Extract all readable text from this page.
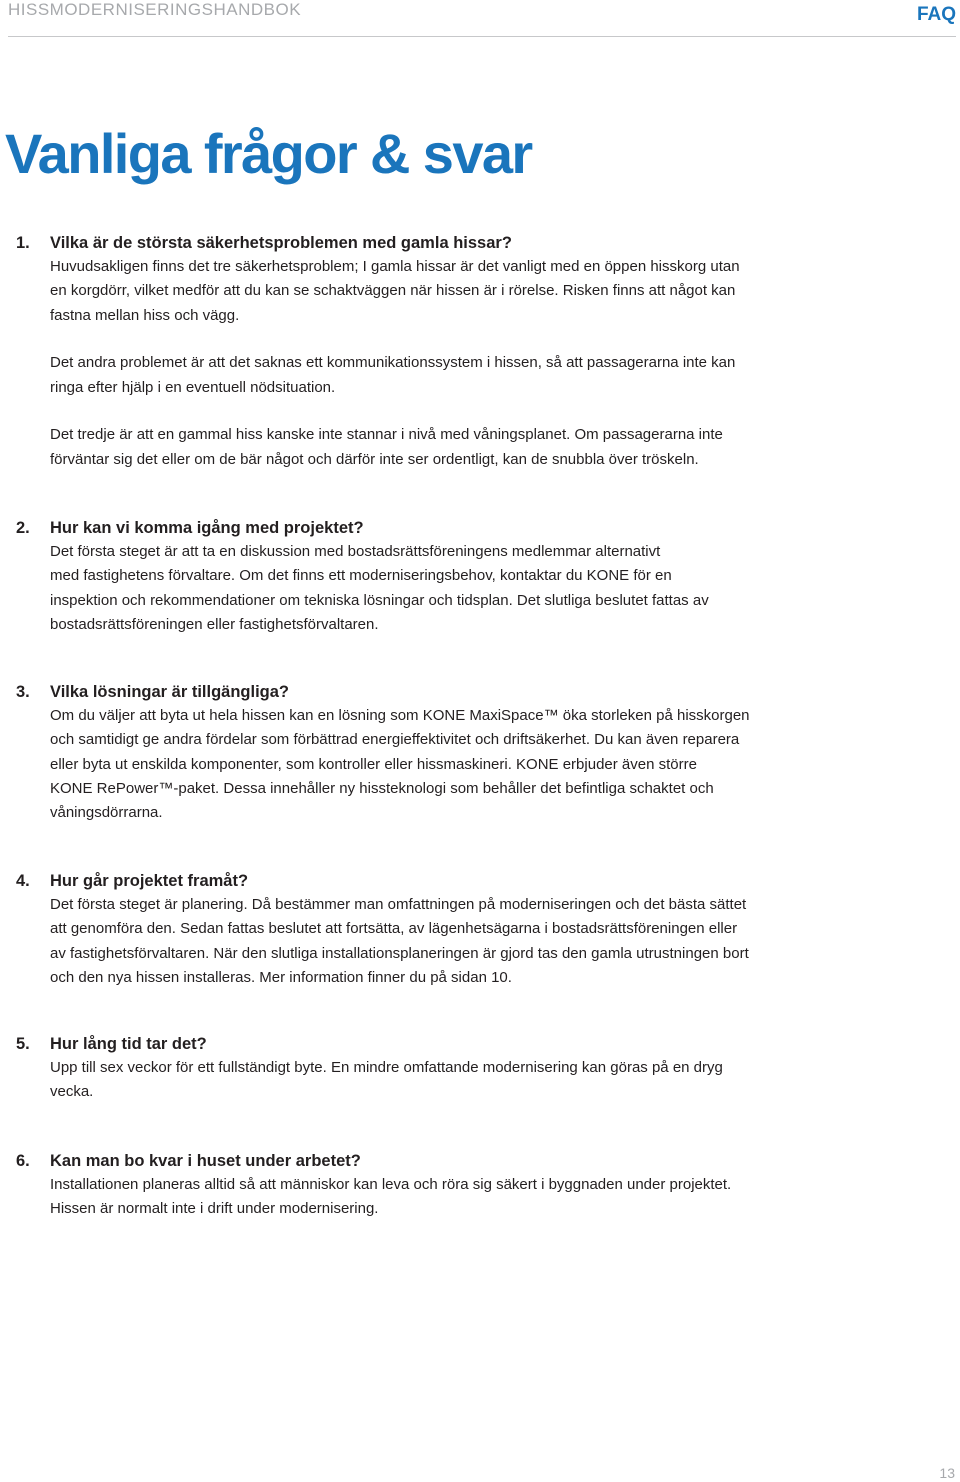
HISSMODERNISERINGSHANDBOK	FAQ
Vanliga frågor & svar
1.	Vilka är de största säkerhetsproblemen med gamla hissar?

Huvudsakligen finns det tre säkerhetsproblem; I gamla hissar är det vanligt med en öppen hisskorg utan
en korgdörr, vilket medför att du kan se schaktväggen när hissen är i rörelse. Risken finns att något kan
fastna mellan hiss och vägg.

Det andra problemet är att det saknas ett kommunikationssystem i hissen, så att passagerarna inte kan
ringa efter hjälp i en eventuell nödsituation.

Det tredje är att en gammal hiss kanske inte stannar i nivå med våningsplanet. Om passagerarna inte
förväntar sig det eller om de bär något och därför inte ser ordentligt, kan de snubbla över tröskeln.

2.	Hur kan vi komma igång med projektet?

Det första steget är att ta en diskussion med bostadsrättsföreningens medlemmar alternativt
med fastighetens förvaltare. Om det finns ett moderniseringsbehov, kontaktar du KONE för en
inspektion och rekommendationer om tekniska lösningar och tidsplan. Det slutliga beslutet fattas av
bostadsrättsföreningen eller fastighetsförvaltaren.

3.	Vilka lösningar är tillgängliga?

Om du väljer att byta ut hela hissen kan en lösning som KONE MaxiSpace™ öka storleken på hisskorgen
och samtidigt ge andra fördelar som förbättrad energieffektivitet och driftsäkerhet. Du kan även reparera
eller byta ut enskilda komponenter, som kontroller eller hissmaskineri. KONE erbjuder även större
KONE RePower™-paket. Dessa innehåller ny hissteknologi som behåller det befintliga schaktet och
våningsdörrarna.

4.	Hur går projektet framåt?

Det första steget är planering. Då bestämmer man omfattningen på moderniseringen och det bästa sättet
att genomföra den. Sedan fattas beslutet att fortsätta, av lägenhetsägarna i bostadsrättsföreningen eller
av fastighetsförvaltaren. När den slutliga installationsplaneringen är gjord tas den gamla utrustningen bort
och den nya hissen installeras. Mer information finner du på sidan 10.

5.	Hur lång tid tar det?

Upp till sex veckor för ett fullständigt byte. En mindre omfattande modernisering kan göras på en dryg
vecka.

6.	Kan man bo kvar i huset under arbetet?

Installationen planeras alltid så att människor kan leva och röra sig säkert i byggnaden under projektet.
Hissen är normalt inte i drift under modernisering.

13
